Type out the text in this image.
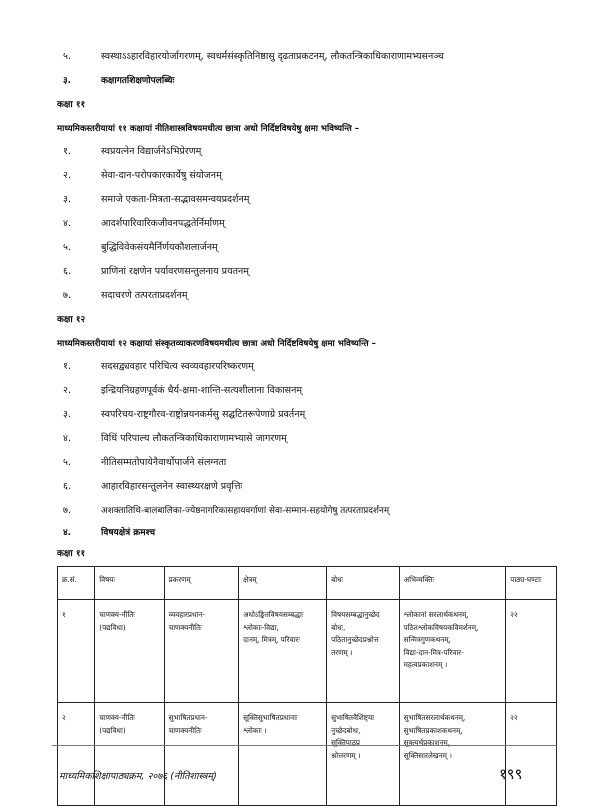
५.	स्वस्थाऽऽहारविहारयोर्जागरणम्, स्वधर्मसंस्कृतिनिष्ठासु दृढताप्रकटनम्, लौकतन्त्रिकाधिकाराणामभ्यसनञ्च
३.	कक्षागतशिक्षणोपलब्धिः
कक्षा ११
माध्यमिकस्तरीयायां ११ कक्षायां नीतिशास्त्रविषयमधीत्य छात्रा अधो निर्दिष्टविषयेषु क्षमा भविष्यन्ति –
१.	स्वप्रयत्नेन विद्यार्जनेऽभिप्रेरणम्
२.	सेवा-दान-परोपकारकार्येषु संयोजनम्
३.	समाजे एकता-मित्रता-सद्भावसमन्वयप्रदर्शनम्
४.	आदर्शपारिवारिकजीवनपद्धतेर्निर्माणम्
५.	बुद्धिविवेकसंयमैर्निर्णयकौशलार्जनम्
६.	प्राणिनां रक्षणेन पर्यावरणसन्तुलनाय प्रयतनम्
७.	सदाचरणे तत्परताप्रदर्शनम्
कक्षा १२
माध्यमिकस्तरीयायां १२ कक्षायां संस्कृतव्याकरणविषयमधीत्य छात्रा अधो निर्दिष्टविषयेषु क्षमा भविष्यन्ति –
१.	सदसद्व्यवहार परिचित्य स्वव्यवहारपरिष्करणम्
२.	इन्द्रियनिग्रहणपूर्वकं धैर्य-क्षमा-शान्ति-सत्यशीलाना विकासनम्
३.	स्वपरिचय-राष्ट्रगौरव-राष्ट्रोन्नयनकर्मसु सद्घटितरूपेणाग्रे प्रवर्तनम्
४.	विधिं परिपाल्य लौकतन्त्रिकाधिकाराणामभ्यासे जागरणम्
५.	नीतिसम्मतोपायेनैवार्थोपार्जने संलग्नता
६.	आहारविहारसन्तुलनेन स्वास्थ्यरक्षणे प्रवृत्तिः
७.	अशक्तातिथि-बालबालिका-ज्येष्ठनागरिकासहायवर्गाणां सेवा-सम्मान-सहयोगेषु तत्परताप्रदर्शनम्
४.	विषयक्षेत्रं क्रमश्च
कक्षा ११
क्र.सं.	विषयः	प्रकरणम्	क्षेत्रम्	बोधः	अभिव्यक्तिः	पाठ्य-घण्टाः
१	चाणक्य-नीतिः
(पद्यविधा)	व्यवहारप्रधान-
चाणक्यनीतिः	अधोऽङ्कितविषयसम्बद्धाः
श्लोकाः-विद्या,
दानम्, मित्रम्, परिवारः	विषयसम्बद्धानुच्छेद
बोधः,
पठितानुच्छेदप्रश्नोत्त
तरणम् ।	श्लोकानां सरलार्थकथनम्,
पठितश्लोकविषयकविमर्शनम्,
सन्मित्रगुणकथनम्,
विद्या-दान-मित्र-परिवार-
महत्वप्रकाशनम् ।	२२
२	चाणक्य-नीतिः
(पद्यविधा)	सुभाषितप्रधान-
चाणक्यनीतिः	सूक्तिसुभाषितप्रधानाः
श्लोकाः ।	सुभाषितवैशिष्ट्या
नुच्छेदबोधः,
सूक्तिपाठप्र
श्नोत्तरणम् ।	सुभाषितसरलार्थकथनम्,
सुभाषितप्रकाशकथनम्,
सूक्त्यर्थप्रकाशनम्,
सूक्तिसारलेखनम् ।	२२
माध्यमिकशिक्षापाठ्यक्रम, २०७६ (नीतिशास्त्रम्)	१९९
